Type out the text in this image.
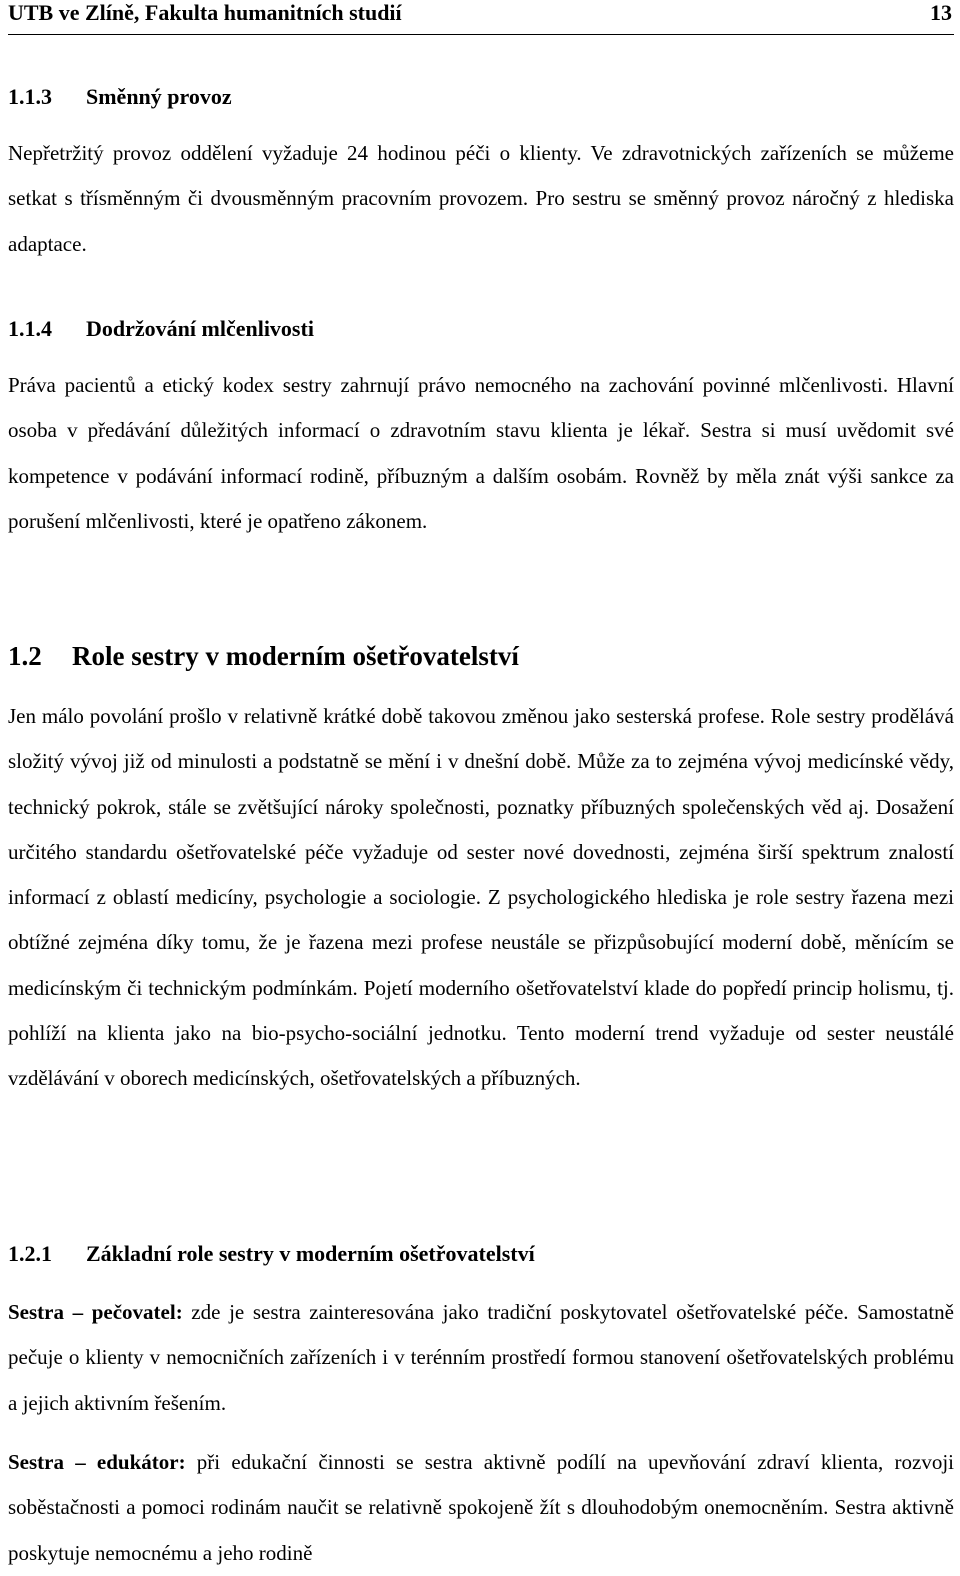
UTB ve Zlíně, Fakulta humanitních studií	13
1.1.3 Směnný provoz

Nepřetržitý provoz oddělení vyžaduje 24 hodinou péči o klienty. Ve zdravotnických zařízeních se můžeme setkat s třísměnným či dvousměnným pracovním provozem. Pro sestru se směnný provoz náročný z hlediska adaptace.

1.1.4 Dodržování mlčenlivosti

Práva pacientů a etický kodex sestry zahrnují právo nemocného na zachování povinné mlčenlivosti. Hlavní osoba v předávání důležitých informací o zdravotním stavu klienta je lékař. Sestra si musí uvědomit své kompetence v podávání informací rodině, příbuzným a dalším osobám. Rovněž by měla znát výši sankce za porušení mlčenlivosti, které je opatřeno zákonem.

1.2 Role sestry v moderním ošetřovatelství

Jen málo povolání prošlo v relativně krátké době takovou změnou jako sesterská profese. Role sestry prodělává složitý vývoj již od minulosti a podstatně se mění i v dnešní době. Může za to zejména vývoj medicínské vědy, technický pokrok, stále se zvětšující nároky společnosti, poznatky příbuzných společenských věd aj. Dosažení určitého standardu ošetřovatelské péče vyžaduje od sester nové dovednosti, zejména širší spektrum znalostí informací z oblastí medicíny, psychologie a sociologie. Z psychologického hlediska je role sestry řazena mezi obtížné zejména díky tomu, že je řazena mezi profese neustále se přizpůsobující moderní době, měnícím se medicínským či technickým podmínkám. Pojetí moderního ošetřovatelství klade do popředí princip holismu, tj. pohlíží na klienta jako na bio-psycho-sociální jednotku. Tento moderní trend vyžaduje od sester neustálé vzdělávání v oborech medicínských, ošetřovatelských a příbuzných.

1.2.1 Základní role sestry v moderním ošetřovatelství

Sestra – pečovatel: zde je sestra zainteresována jako tradiční poskytovatel ošetřovatelské péče. Samostatně pečuje o klienty v nemocničních zařízeních i v terénním prostředí formou stanovení ošetřovatelských problému a jejich aktivním řešením.

Sestra – edukátor: při edukační činnosti se sestra aktivně podílí na upevňování zdraví klienta, rozvoji soběstačnosti a pomoci rodinám naučit se relativně spokojeně žít s dlouhodobým onemocněním. Sestra aktivně poskytuje nemocnému a jeho rodině
